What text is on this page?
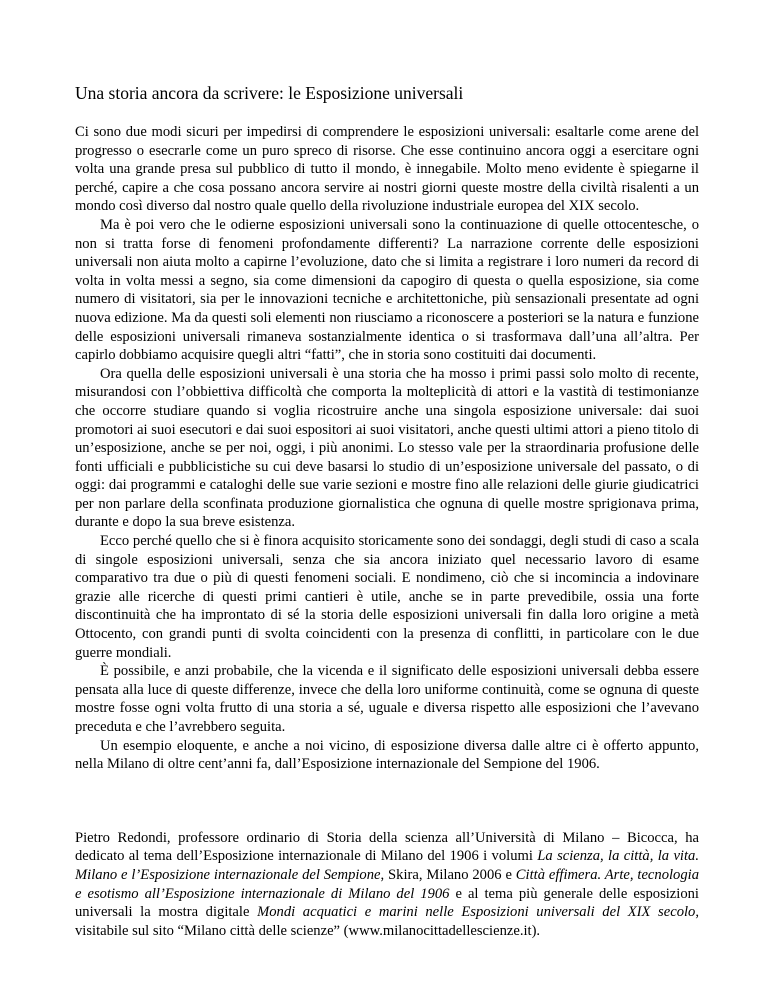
Una storia ancora da scrivere: le Esposizione universali

Ci sono due modi sicuri per impedirsi di comprendere le esposizioni universali: esaltarle come arene del progresso o esecrarle come un puro spreco di risorse. Che esse continuino ancora oggi a esercitare ogni volta una grande presa sul pubblico di tutto il mondo, è innegabile. Molto meno evidente è spiegarne il perché, capire a che cosa possano ancora servire ai nostri giorni queste mostre della civiltà risalenti a un mondo così diverso dal nostro quale quello della rivoluzione industriale europea del XIX secolo.

Ma è poi vero che le odierne esposizioni universali sono la continuazione di quelle ottocentesche, o non si tratta forse di fenomeni profondamente differenti? La narrazione corrente delle esposizioni universali non aiuta molto a capirne l’evoluzione, dato che si limita a registrare i loro numeri da record di volta in volta messi a segno, sia come dimensioni da capogiro di questa o quella esposizione, sia come numero di visitatori, sia per le innovazioni tecniche e architettoniche, più sensazionali presentate ad ogni nuova edizione. Ma da questi soli elementi non riusciamo a riconoscere a posteriori se la natura e funzione delle esposizioni universali rimaneva sostanzialmente identica o si trasformava dall’una all’altra. Per capirlo dobbiamo acquisire quegli altri “fatti”, che in storia sono costituiti dai documenti.

Ora quella delle esposizioni universali è una storia che ha mosso i primi passi solo molto di recente, misurandosi con l’obbiettiva difficoltà che comporta la molteplicità di attori e la vastità di testimonianze che occorre studiare quando si voglia ricostruire anche una singola esposizione universale: dai suoi promotori ai suoi esecutori e dai suoi espositori ai suoi visitatori, anche questi ultimi attori a pieno titolo di un’esposizione, anche se per noi, oggi, i più anonimi. Lo stesso vale per la straordinaria profusione delle fonti ufficiali e pubblicistiche su cui deve basarsi lo studio di un’esposizione universale del passato, o di oggi: dai programmi e cataloghi delle sue varie sezioni e mostre fino alle relazioni delle giurie giudicatrici per non parlare della sconfinata produzione giornalistica che ognuna di quelle mostre sprigionava prima, durante e dopo la sua breve esistenza.

Ecco perché quello che si è finora acquisito storicamente sono dei sondaggi, degli studi di caso a scala di singole esposizioni universali, senza che sia ancora iniziato quel necessario lavoro di esame comparativo tra due o più di questi fenomeni sociali. E nondimeno, ciò che si incomincia a indovinare grazie alle ricerche di questi primi cantieri è utile, anche se in parte prevedibile, ossia una forte discontinuità che ha improntato di sé la storia delle esposizioni universali fin dalla loro origine a metà Ottocento, con grandi punti di svolta coincidenti con la presenza di conflitti, in particolare con le due guerre mondiali.

È possibile, e anzi probabile, che la vicenda e il significato delle esposizioni universali debba essere pensata alla luce di queste differenze, invece che della loro uniforme continuità, come se ognuna di queste mostre fosse ogni volta frutto di una storia a sé, uguale e diversa rispetto alle esposizioni che l’avevano preceduta e che l’avrebbero seguita.

Un esempio eloquente, e anche a noi vicino, di esposizione diversa dalle altre ci è offerto appunto, nella Milano di oltre cent’anni fa, dall’Esposizione internazionale del Sempione del 1906.

Pietro Redondi, professore ordinario di Storia della scienza all’Università di Milano – Bicocca, ha dedicato al tema dell’Esposizione internazionale di Milano del 1906 i volumi La scienza, la città, la vita. Milano e l’Esposizione internazionale del Sempione, Skira, Milano 2006 e Città effimera. Arte, tecnologia e esotismo all’Esposizione internazionale di Milano del 1906 e al tema più generale delle esposizioni universali la mostra digitale Mondi acquatici e marini nelle Esposizioni universali del XIX secolo, visitabile sul sito “Milano città delle scienze” (www.milanocittadellescienze.it).
